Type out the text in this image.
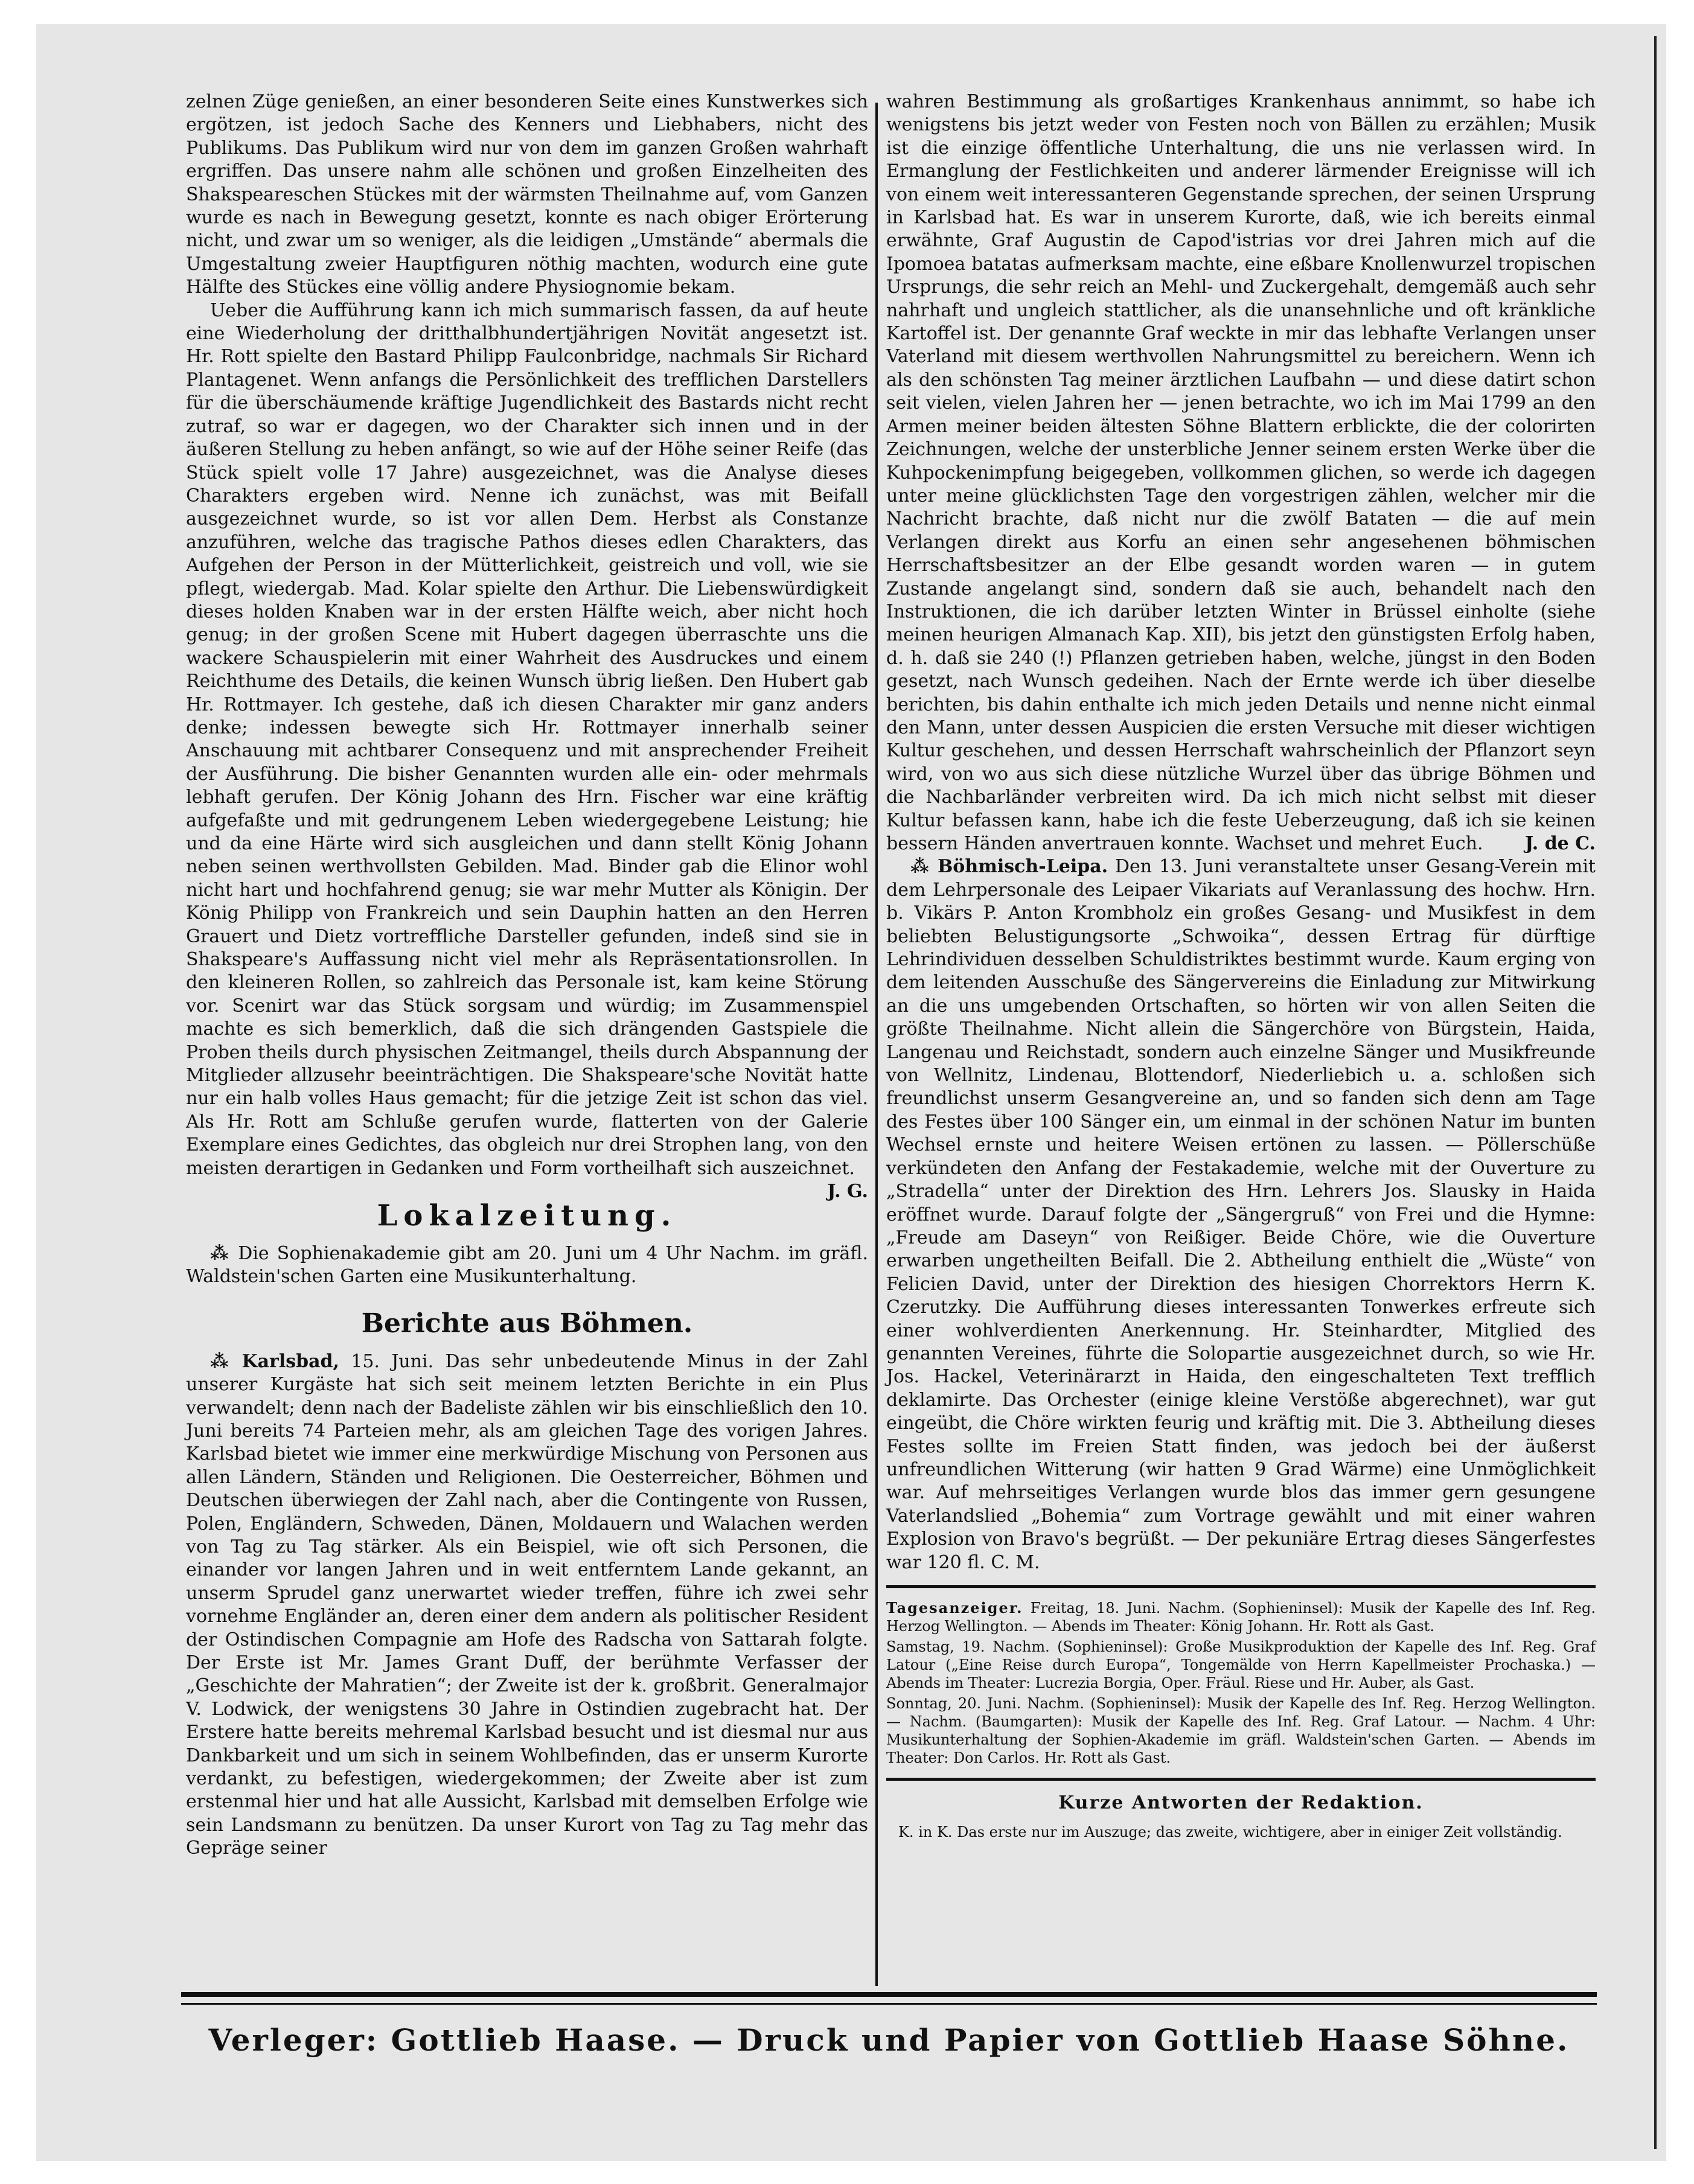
zelnen Züge genießen, an einer besonderen Seite eines Kunstwerkes sich ergötzen, ist jedoch Sache des Kenners und Liebhabers, nicht des Publikums. Das Publikum wird nur von dem im ganzen Großen wahrhaft ergriffen. Das unsere nahm alle schönen und großen Einzelheiten des Shakspeareschen Stückes mit der wärmsten Theilnahme auf, vom Ganzen wurde es nach in Bewegung gesetzt, konnte es nach obiger Erörterung nicht, und zwar um so weniger, als die leidigen „Umstände“ abermals die Umgestaltung zweier Hauptfiguren nöthig machten, wodurch eine gute Hälfte des Stückes eine völlig andere Physiognomie bekam.

Ueber die Aufführung kann ich mich summarisch fassen, da auf heute eine Wiederholung der dritthalbhundertjährigen Novität angesetzt ist. Hr. Rott spielte den Bastard Philipp Faulconbridge, nachmals Sir Richard Plantagenet. Wenn anfangs die Persönlichkeit des trefflichen Darstellers für die überschäumende kräftige Jugendlichkeit des Bastards nicht recht zutraf, so war er dagegen, wo der Charakter sich innen und in der äußeren Stellung zu heben anfängt, so wie auf der Höhe seiner Reife (das Stück spielt volle 17 Jahre) ausgezeichnet, was die Analyse dieses Charakters ergeben wird. Nenne ich zunächst, was mit Beifall ausgezeichnet wurde, so ist vor allen Dem. Herbst als Constanze anzuführen, welche das tragische Pathos dieses edlen Charakters, das Aufgehen der Person in der Mütterlichkeit, geistreich und voll, wie sie pflegt, wiedergab. Mad. Kolar spielte den Arthur. Die Liebenswürdigkeit dieses holden Knaben war in der ersten Hälfte weich, aber nicht hoch genug; in der großen Scene mit Hubert dagegen überraschte uns die wackere Schauspielerin mit einer Wahrheit des Ausdruckes und einem Reichthume des Details, die keinen Wunsch übrig ließen. Den Hubert gab Hr. Rottmayer. Ich gestehe, daß ich diesen Charakter mir ganz anders denke; indessen bewegte sich Hr. Rottmayer innerhalb seiner Anschauung mit achtbarer Consequenz und mit ansprechender Freiheit der Ausführung. Die bisher Genannten wurden alle ein- oder mehrmals lebhaft gerufen. Der König Johann des Hrn. Fischer war eine kräftig aufgefaßte und mit gedrungenem Leben wiedergegebene Leistung; hie und da eine Härte wird sich ausgleichen und dann stellt König Johann neben seinen werthvollsten Gebilden. Mad. Binder gab die Elinor wohl nicht hart und hochfahrend genug; sie war mehr Mutter als Königin. Der König Philipp von Frankreich und sein Dauphin hatten an den Herren Grauert und Dietz vortreffliche Darsteller gefunden, indeß sind sie in Shakspeare's Auffassung nicht viel mehr als Repräsentationsrollen. In den kleineren Rollen, so zahlreich das Personale ist, kam keine Störung vor. Scenirt war das Stück sorgsam und würdig; im Zusammenspiel machte es sich bemerklich, daß die sich drängenden Gastspiele die Proben theils durch physischen Zeitmangel, theils durch Abspannung der Mitglieder allzusehr beeinträchtigen. Die Shakspeare'sche Novität hatte nur ein halb volles Haus gemacht; für die jetzige Zeit ist schon das viel. Als Hr. Rott am Schluße gerufen wurde, flatterten von der Galerie Exemplare eines Gedichtes, das obgleich nur drei Strophen lang, von den meisten derartigen in Gedanken und Form vortheilhaft sich auszeichnet.
J. G.

Lokalzeitung.

⁂ Die Sophienakademie gibt am 20. Juni um 4 Uhr Nachm. im gräfl. Waldstein'schen Garten eine Musikunterhaltung.

Berichte aus Böhmen.

⁂ Karlsbad, 15. Juni. Das sehr unbedeutende Minus in der Zahl unserer Kurgäste hat sich seit meinem letzten Berichte in ein Plus verwandelt; denn nach der Badeliste zählen wir bis einschließlich den 10. Juni bereits 74 Parteien mehr, als am gleichen Tage des vorigen Jahres. Karlsbad bietet wie immer eine merkwürdige Mischung von Personen aus allen Ländern, Ständen und Religionen. Die Oesterreicher, Böhmen und Deutschen überwiegen der Zahl nach, aber die Contingente von Russen, Polen, Engländern, Schweden, Dänen, Moldauern und Walachen werden von Tag zu Tag stärker. Als ein Beispiel, wie oft sich Personen, die einander vor langen Jahren und in weit entferntem Lande gekannt, an unserm Sprudel ganz unerwartet wieder treffen, führe ich zwei sehr vornehme Engländer an, deren einer dem andern als politischer Resident der Ostindischen Compagnie am Hofe des Radscha von Sattarah folgte. Der Erste ist Mr. James Grant Duff, der berühmte Verfasser der „Geschichte der Mahratien“; der Zweite ist der k. großbrit. Generalmajor V. Lodwick, der wenigstens 30 Jahre in Ostindien zugebracht hat. Der Erstere hatte bereits mehremal Karlsbad besucht und ist diesmal nur aus Dankbarkeit und um sich in seinem Wohlbefinden, das er unserm Kurorte verdankt, zu befestigen, wiedergekommen; der Zweite aber ist zum erstenmal hier und hat alle Aussicht, Karlsbad mit demselben Erfolge wie sein Landsmann zu benützen. Da unser Kurort von Tag zu Tag mehr das Gepräge seiner

wahren Bestimmung als großartiges Krankenhaus annimmt, so habe ich wenigstens bis jetzt weder von Festen noch von Bällen zu erzählen; Musik ist die einzige öffentliche Unterhaltung, die uns nie verlassen wird. In Ermanglung der Festlichkeiten und anderer lärmender Ereignisse will ich von einem weit interessanteren Gegenstande sprechen, der seinen Ursprung in Karlsbad hat. Es war in unserem Kurorte, daß, wie ich bereits einmal erwähnte, Graf Augustin de Capod'istrias vor drei Jahren mich auf die Ipomoea batatas aufmerksam machte, eine eßbare Knollenwurzel tropischen Ursprungs, die sehr reich an Mehl- und Zuckergehalt, demgemäß auch sehr nahrhaft und ungleich stattlicher, als die unansehnliche und oft kränkliche Kartoffel ist. Der genannte Graf weckte in mir das lebhafte Verlangen unser Vaterland mit diesem werthvollen Nahrungsmittel zu bereichern. Wenn ich als den schönsten Tag meiner ärztlichen Laufbahn — und diese datirt schon seit vielen, vielen Jahren her — jenen betrachte, wo ich im Mai 1799 an den Armen meiner beiden ältesten Söhne Blattern erblickte, die der colorirten Zeichnungen, welche der unsterbliche Jenner seinem ersten Werke über die Kuhpockenimpfung beigegeben, vollkommen glichen, so werde ich dagegen unter meine glücklichsten Tage den vorgestrigen zählen, welcher mir die Nachricht brachte, daß nicht nur die zwölf Bataten — die auf mein Verlangen direkt aus Korfu an einen sehr angesehenen böhmischen Herrschaftsbesitzer an der Elbe gesandt worden waren — in gutem Zustande angelangt sind, sondern daß sie auch, behandelt nach den Instruktionen, die ich darüber letzten Winter in Brüssel einholte (siehe meinen heurigen Almanach Kap. XII), bis jetzt den günstigsten Erfolg haben, d. h. daß sie 240 (!) Pflanzen getrieben haben, welche, jüngst in den Boden gesetzt, nach Wunsch gedeihen. Nach der Ernte werde ich über dieselbe berichten, bis dahin enthalte ich mich jeden Details und nenne nicht einmal den Mann, unter dessen Auspicien die ersten Versuche mit dieser wichtigen Kultur geschehen, und dessen Herrschaft wahrscheinlich der Pflanzort seyn wird, von wo aus sich diese nützliche Wurzel über das übrige Böhmen und die Nachbarländer verbreiten wird. Da ich mich nicht selbst mit dieser Kultur befassen kann, habe ich die feste Ueberzeugung, daß ich sie keinen bessern Händen anvertrauen konnte. Wachset und mehret Euch. J. de C.

⁂ Böhmisch-Leipa. Den 13. Juni veranstaltete unser Gesang-Verein mit dem Lehrpersonale des Leipaer Vikariats auf Veranlassung des hochw. Hrn. b. Vikärs P. Anton Krombholz ein großes Gesang- und Musikfest in dem beliebten Belustigungsorte „Schwoika“, dessen Ertrag für dürftige Lehrindividuen desselben Schuldistriktes bestimmt wurde. Kaum erging von dem leitenden Ausschuße des Sängervereins die Einladung zur Mitwirkung an die uns umgebenden Ortschaften, so hörten wir von allen Seiten die größte Theilnahme. Nicht allein die Sängerchöre von Bürgstein, Haida, Langenau und Reichstadt, sondern auch einzelne Sänger und Musikfreunde von Wellnitz, Lindenau, Blottendorf, Niederliebich u. a. schloßen sich freundlichst unserm Gesangvereine an, und so fanden sich denn am Tage des Festes über 100 Sänger ein, um einmal in der schönen Natur im bunten Wechsel ernste und heitere Weisen ertönen zu lassen. — Pöllerschüße verkündeten den Anfang der Festakademie, welche mit der Ouverture zu „Stradella“ unter der Direktion des Hrn. Lehrers Jos. Slausky in Haida eröffnet wurde. Darauf folgte der „Sängergruß“ von Frei und die Hymne: „Freude am Daseyn“ von Reißiger. Beide Chöre, wie die Ouverture erwarben ungetheilten Beifall. Die 2. Abtheilung enthielt die „Wüste“ von Felicien David, unter der Direktion des hiesigen Chorrektors Herrn K. Czerutzky. Die Aufführung dieses interessanten Tonwerkes erfreute sich einer wohlverdienten Anerkennung. Hr. Steinhardter, Mitglied des genannten Vereines, führte die Solopartie ausgezeichnet durch, so wie Hr. Jos. Hackel, Veterinärarzt in Haida, den eingeschalteten Text trefflich deklamirte. Das Orchester (einige kleine Verstöße abgerechnet), war gut eingeübt, die Chöre wirkten feurig und kräftig mit. Die 3. Abtheilung dieses Festes sollte im Freien Statt finden, was jedoch bei der äußerst unfreundlichen Witterung (wir hatten 9 Grad Wärme) eine Unmöglichkeit war. Auf mehrseitiges Verlangen wurde blos das immer gern gesungene Vaterlandslied „Bohemia“ zum Vortrage gewählt und mit einer wahren Explosion von Bravo's begrüßt. — Der pekuniäre Ertrag dieses Sängerfestes war 120 fl. C. M.

Tagesanzeiger. Freitag, 18. Juni. Nachm. (Sophieninsel): Musik der Kapelle des Inf. Reg. Herzog Wellington. — Abends im Theater: König Johann. Hr. Rott als Gast.

Samstag, 19. Nachm. (Sophieninsel): Große Musikproduktion der Kapelle des Inf. Reg. Graf Latour („Eine Reise durch Europa“, Tongemälde von Herrn Kapellmeister Prochaska.) — Abends im Theater: Lucrezia Borgia, Oper. Fräul. Riese und Hr. Auber, als Gast.

Sonntag, 20. Juni. Nachm. (Sophieninsel): Musik der Kapelle des Inf. Reg. Herzog Wellington. — Nachm. (Baumgarten): Musik der Kapelle des Inf. Reg. Graf Latour. — Nachm. 4 Uhr: Musikunterhaltung der Sophien-Akademie im gräfl. Waldstein'schen Garten. — Abends im Theater: Don Carlos. Hr. Rott als Gast.

Kurze Antworten der Redaktion.

K. in K. Das erste nur im Auszuge; das zweite, wichtigere, aber in einiger Zeit vollständig.

Verleger: Gottlieb Haase. — Druck und Papier von Gottlieb Haase Söhne.
